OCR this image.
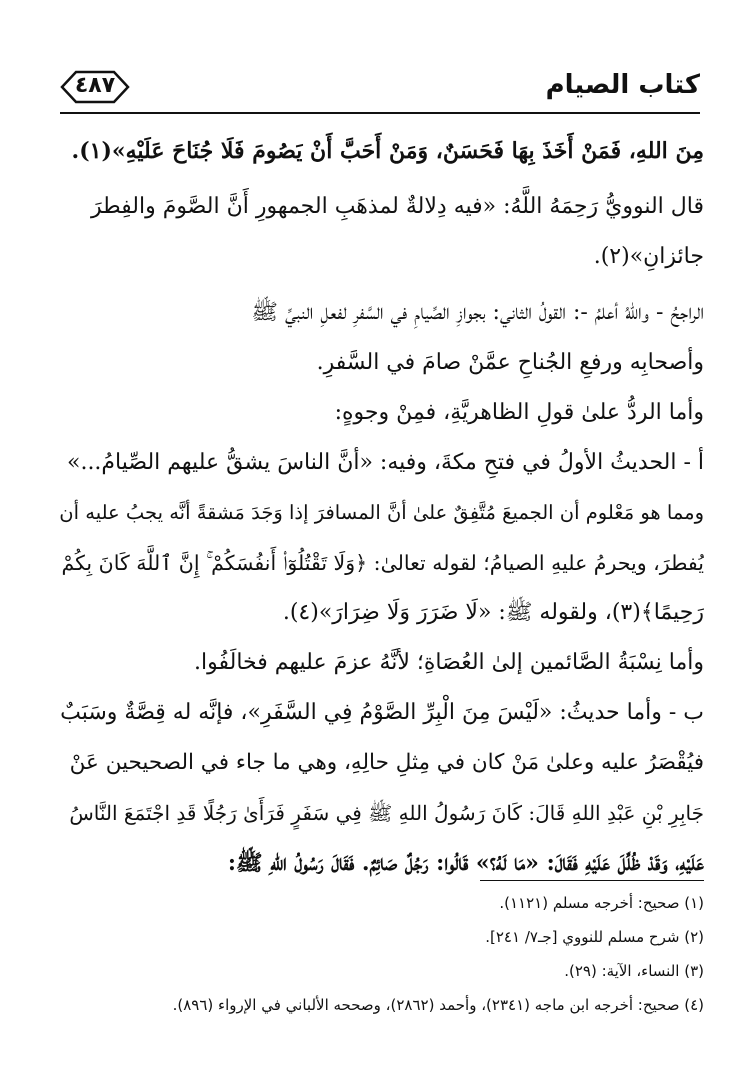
كتاب الصيام
٤٨٧
مِنَ اللهِ، فَمَنْ أَخَذَ بِهَا فَحَسَنٌ، وَمَنْ أَحَبَّ أَنْ يَصُومَ فَلَا جُنَاحَ عَلَيْهِ»(١).
قال النوويُّ رَحِمَهُ اللَّهُ: «فيه دِلالةٌ لمذهَبِ الجمهورِ أَنَّ الصَّومَ والفِطرَ
جائزانِ»(٢).
الراجحُ - واللهُ أعلمُ -: القولُ الثاني: بجوازِ الصِّيامِ في السَّفرِ لفعلِ النبيِّ ﷺ
وأصحابِه ورفعِ الجُناحِ عمَّنْ صامَ في السَّفرِ.
وأما الردُّ علىٰ قولِ الظاهريَّةِ، فمِنْ وجوهٍ:
أ - الحديثُ الأولُ في فتحِ مكةَ، وفيه: «أنَّ الناسَ يشقُّ عليهم الصِّيامُ...»
ومما هو مَعْلوم أن الجميعَ مُتَّفِقٌ علىٰ أنَّ المسافرَ إذا وَجَدَ مَشقةً أنَّه يجبُ عليه أن
يُفطرَ، ويحرمُ عليهِ الصيامُ؛ لقوله تعالىٰ: ﴿وَلَا تَقْتُلُوٓا۟ أَنفُسَكُمْ ۚ إِنَّ ٱللَّهَ كَانَ بِكُمْ
رَحِيمًا﴾(٣)، ولقوله ﷺ: «لَا ضَرَرَ وَلَا ضِرَارَ»(٤).
وأما نِسْبَةُ الصَّائمين إلىٰ العُصَاةِ؛ لأنَّهُ عزمَ عليهم فخالَفُوا.
ب - وأما حديثُ: «لَيْسَ مِنَ الْبِرِّ الصَّوْمُ فِي السَّفَرِ»، فإنَّه له قِصَّةٌ وسَبَبٌ
فيُقْصَرُ عليه وعلىٰ مَنْ كان في مِثلِ حالِهِ، وهي ما جاء في الصحيحين عَنْ
جَابِرِ بْنِ عَبْدِ اللهِ قَالَ: كَانَ رَسُولُ اللهِ ﷺ فِي سَفَرٍ فَرَأَىٰ رَجُلًا قَدِ اجْتَمَعَ النَّاسُ
عَلَيْهِ، وَقَدْ ظُلِّلَ عَلَيْهِ فَقَالَ: «مَا لَهُ؟» قَالُوا: رَجُلٌ صَائِمٌ. فَقَالَ رَسُولُ اللهِ ﷺ:
(١) صحيح: أخرجه مسلم (١١٢١).
(٢) شرح مسلم للنووي [جـ٧/ ٢٤١].
(٣) النساء، الآية: (٢٩).
(٤) صحيح: أخرجه ابن ماجه (٢٣٤١)، وأحمد (٢٨٦٢)، وصححه الألباني في الإرواء (٨٩٦).
